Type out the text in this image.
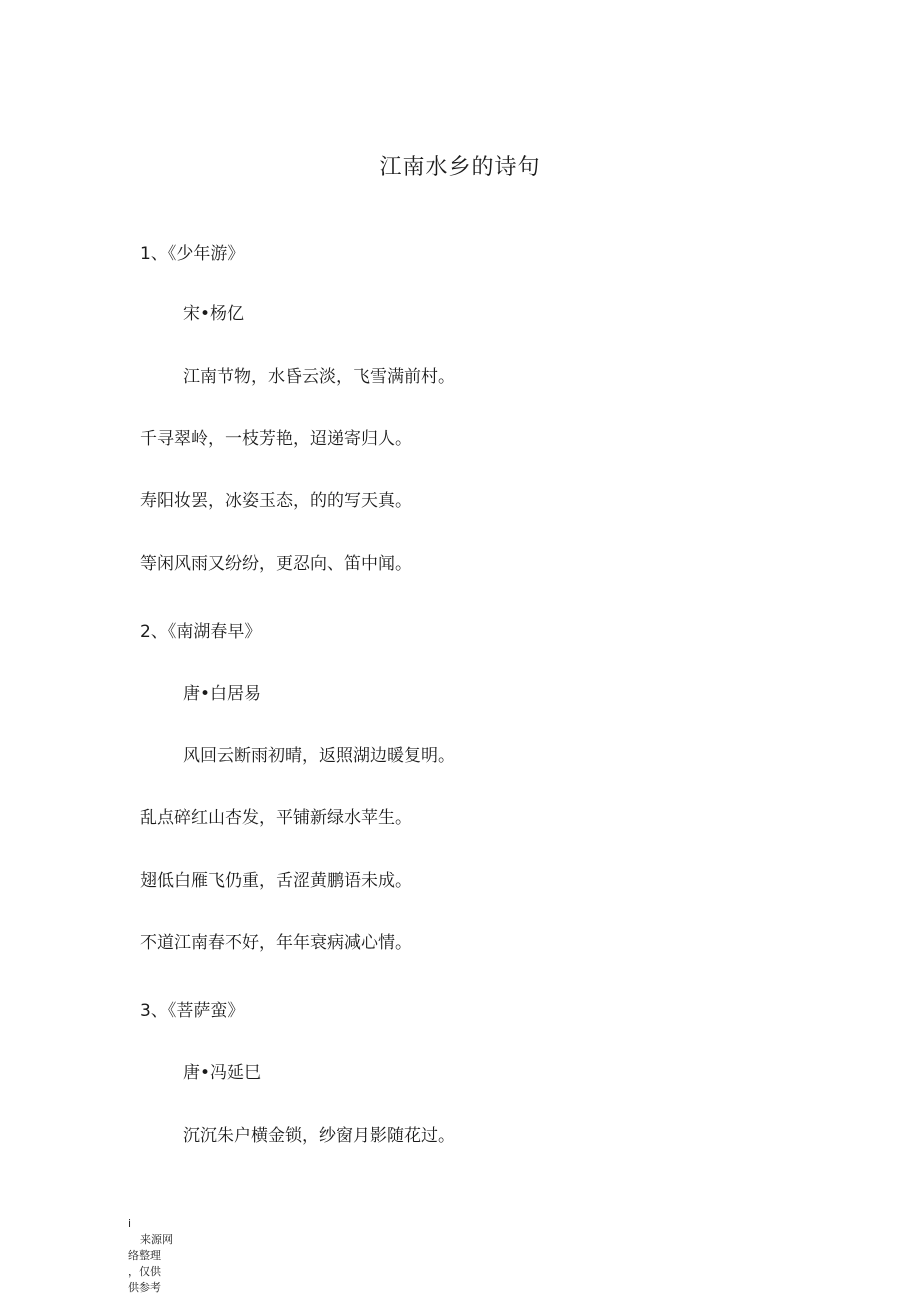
江南水乡的诗句
1、《少年游》
宋•杨亿
江南节物，水昏云淡，飞雪满前村。
千寻翠岭，一枝芳艳，迢递寄归人。
寿阳妆罢，冰姿玉态，的的写天真。
等闲风雨又纷纷，更忍向、笛中闻。
2、《南湖春早》
唐•白居易
风回云断雨初晴，返照湖边暖复明。
乱点碎红山杏发，平铺新绿水苹生。
翅低白雁飞仍重，舌涩黄鹏语未成。
不道江南春不好，年年衰病减心情。
3、《菩萨蛮》
唐•冯延巳
沉沉朱户横金锁，纱窗月影随花过。
i
来源网
络整理
，仅供
供参考
